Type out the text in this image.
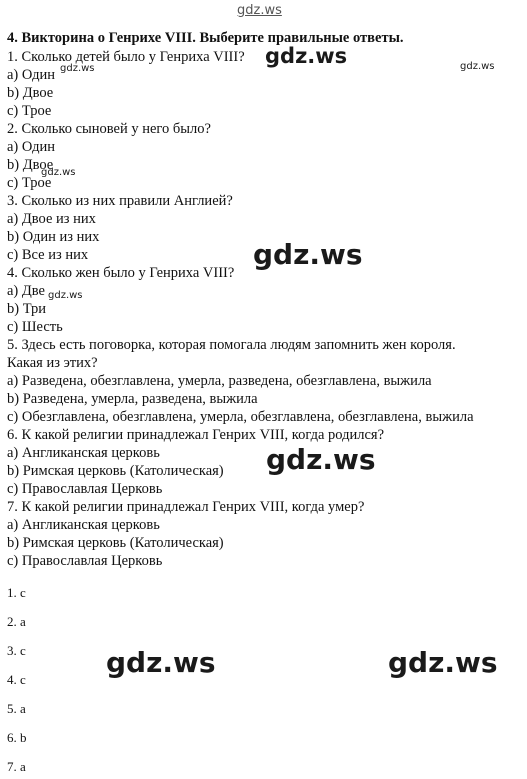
gdz.ws
4. Викторина о Генрихе VIII. Выберите правильные ответы.
1. Сколько детей было у Генриха VIII?
a) Один
b) Двое
c) Трое
2. Сколько сыновей у него было?
a) Один
b) Двое
c) Трое
3. Сколько из них правили Англией?
a) Двое из них
b) Один из них
c) Все из них
4. Сколько жен было у Генриха VIII?
a) Две
b) Три
c) Шесть
5. Здесь есть поговорка, которая помогала людям запомнить жен короля.
Какая из этих?
a) Разведена, обезглавлена, умерла, разведена, обезглавлена, выжила
b) Разведена, умерла, разведена, выжила
c) Обезглавлена, обезглавлена, умерла, обезглавлена, обезглавлена, выжила
6. К какой религии принадлежал Генрих VIII, когда родился?
a) Англиканская церковь
b) Римская церковь (Католическая)
c) Православлая Церковь
7. К какой религии принадлежал Генрих VIII, когда умер?
a) Англиканская церковь
b) Римская церковь (Католическая)
c) Православлая Церковь
1. c
2. a
3. c
4. c
5. a
6. b
7. a
gdz.ws	gdz.ws
gdz.ws
gdz.ws
gdz.ws
gdz.ws
gdz.ws
gdz.ws	gdz.ws
